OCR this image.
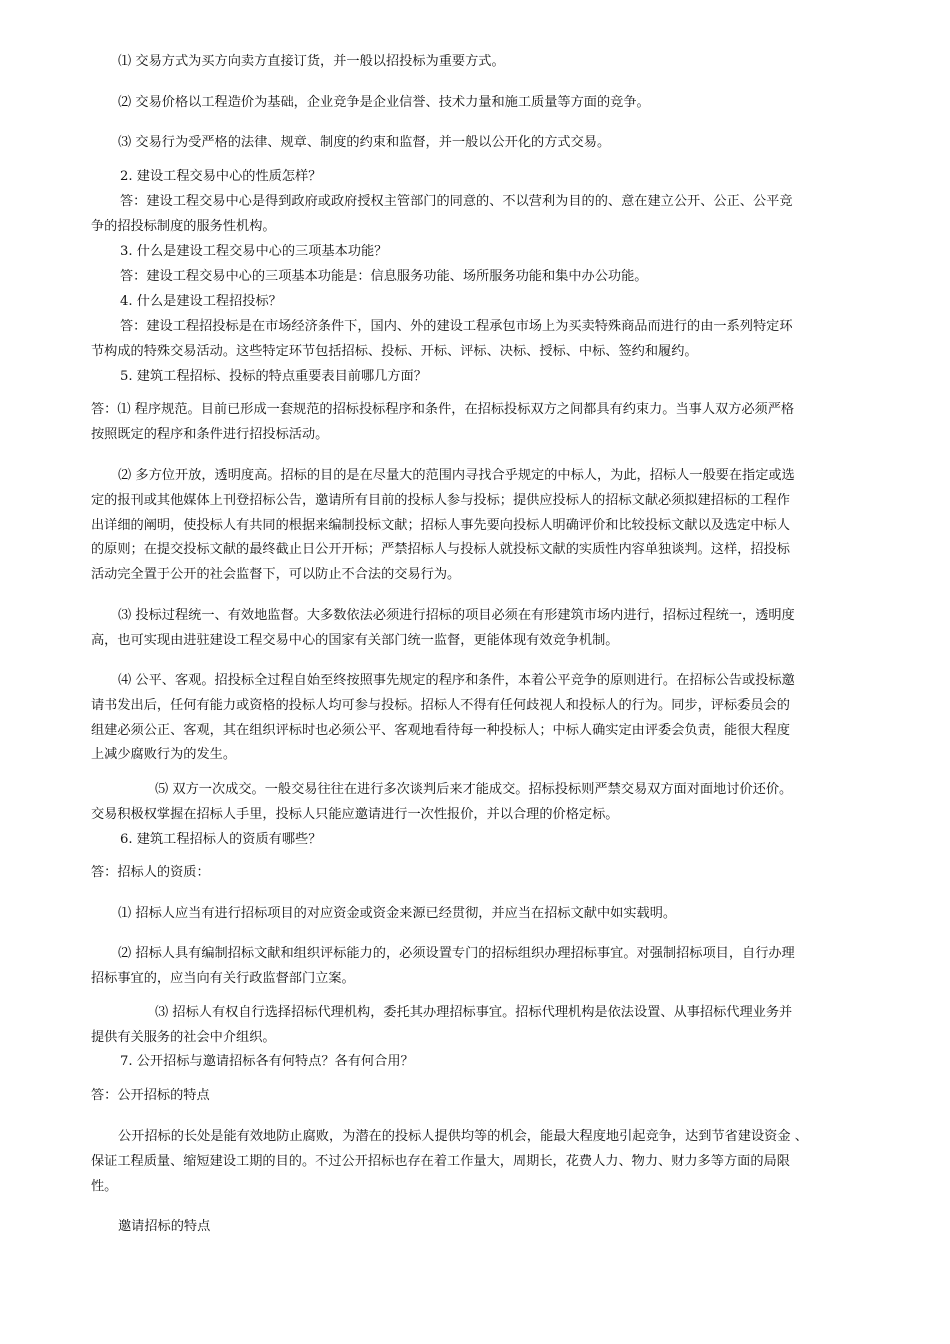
⑴ 交易方式为买方向卖方直接订货，并一般以招投标为重要方式。
⑵ 交易价格以工程造价为基础，企业竞争是企业信誉、技术力量和施工质量等方面的竞争。
⑶ 交易行为受严格的法律、规章、制度的约束和监督，并一般以公开化的方式交易。
2. 建设工程交易中心的性质怎样？
答：建设工程交易中心是得到政府或政府授权主管部门的同意的、不以营利为目的的、意在建立公开、公正、公平竞
争的招投标制度的服务性机构。
3. 什么是建设工程交易中心的三项基本功能？
答：建设工程交易中心的三项基本功能是：信息服务功能、场所服务功能和集中办公功能。
4. 什么是建设工程招投标？
答：建设工程招投标是在市场经济条件下，国内、外的建设工程承包市场上为买卖特殊商品而进行的由一系列特定环
节构成的特殊交易活动。这些特定环节包括招标、投标、开标、评标、决标、授标、中标、签约和履约。
5. 建筑工程招标、投标的特点重要表目前哪几方面？
答：⑴ 程序规范。目前已形成一套规范的招标投标程序和条件，在招标投标双方之间都具有约束力。当事人双方必须严格
按照既定的程序和条件进行招投标活动。
⑵ 多方位开放，透明度高。招标的目的是在尽量大的范围内寻找合乎规定的中标人，为此，招标人一般要在指定或选
定的报刊或其他媒体上刊登招标公告，邀请所有目前的投标人参与投标；提供应投标人的招标文献必须拟建招标的工程作
出详细的阐明，使投标人有共同的根据来编制投标文献；招标人事先要向投标人明确评价和比较投标文献以及选定中标人
的原则；在提交投标文献的最终截止日公开开标；严禁招标人与投标人就投标文献的实质性内容单独谈判。这样，招投标
活动完全置于公开的社会监督下，可以防止不合法的交易行为。
⑶ 投标过程统一、有效地监督。大多数依法必须进行招标的项目必须在有形建筑市场内进行，招标过程统一，透明度
高，也可实现由进驻建设工程交易中心的国家有关部门统一监督，更能体现有效竞争机制。
⑷ 公平、客观。招投标全过程自始至终按照事先规定的程序和条件，本着公平竞争的原则进行。在招标公告或投标邀
请书发出后，任何有能力或资格的投标人均可参与投标。招标人不得有任何歧视人和投标人的行为。同步，评标委员会的
组建必须公正、客观，其在组织评标时也必须公平、客观地看待每一种投标人；中标人确实定由评委会负责，能很大程度
上减少腐败行为的发生。
⑸ 双方一次成交。一般交易往往在进行多次谈判后来才能成交。招标投标则严禁交易双方面对面地讨价还价。
交易积极权掌握在招标人手里，投标人只能应邀请进行一次性报价，并以合理的价格定标。
6. 建筑工程招标人的资质有哪些？
答：招标人的资质：
⑴ 招标人应当有进行招标项目的对应资金或资金来源已经贯彻，并应当在招标文献中如实载明。
⑵ 招标人具有编制招标文献和组织评标能力的，必须设置专门的招标组织办理招标事宜。对强制招标项目，自行办理
招标事宜的，应当向有关行政监督部门立案。
⑶ 招标人有权自行选择招标代理机构，委托其办理招标事宜。招标代理机构是依法设置、从事招标代理业务并
提供有关服务的社会中介组织。
7. 公开招标与邀请招标各有何特点？各有何合用？
答：公开招标的特点
公开招标的长处是能有效地防止腐败，为潜在的投标人提供均等的机会，能最大程度地引起竞争，达到节省建设资金 、
保证工程质量、缩短建设工期的目的。不过公开招标也存在着工作量大，周期长，花费人力、物力、财力多等方面的局限
性。
邀请招标的特点
